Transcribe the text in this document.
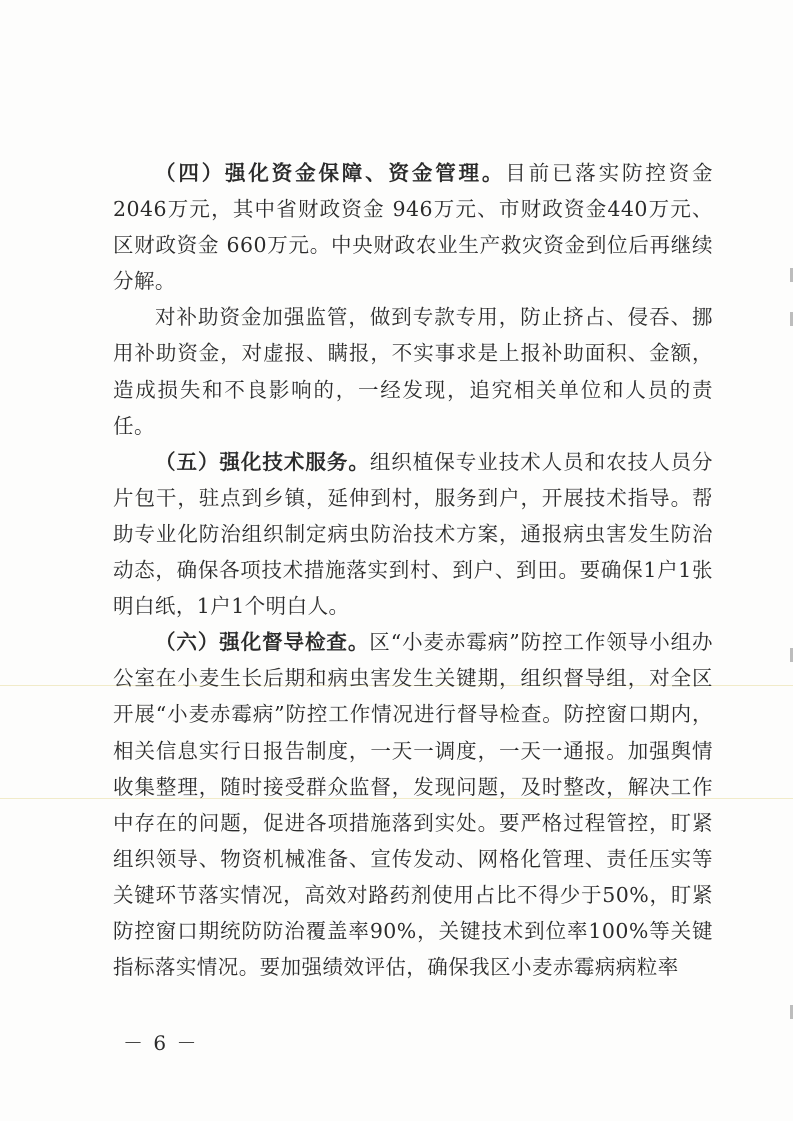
（四）强化资金保障、资金管理。目前已落实防控资金 2046万元，其中省财政资金 946万元、市财政资金440万元、区财政资金 660万元。中央财政农业生产救灾资金到位后再继续分解。

对补助资金加强监管，做到专款专用，防止挤占、侵吞、挪用补助资金，对虚报、瞒报，不实事求是上报补助面积、金额，造成损失和不良影响的，一经发现，追究相关单位和人员的责任。

（五）强化技术服务。组织植保专业技术人员和农技人员分片包干，驻点到乡镇，延伸到村，服务到户，开展技术指导。帮助专业化防治组织制定病虫防治技术方案，通报病虫害发生防治动态，确保各项技术措施落实到村、到户、到田。要确保1户1张明白纸，1户1个明白人。

（六）强化督导检查。区“小麦赤霉病”防控工作领导小组办公室在小麦生长后期和病虫害发生关键期，组织督导组，对全区开展“小麦赤霉病”防控工作情况进行督导检查。防控窗口期内，相关信息实行日报告制度，一天一调度，一天一通报。加强舆情收集整理，随时接受群众监督，发现问题，及时整改，解决工作中存在的问题，促进各项措施落到实处。要严格过程管控，盯紧组织领导、物资机械准备、宣传发动、网格化管理、责任压实等关键环节落实情况，高效对路药剂使用占比不得少于50%，盯紧防控窗口期统防防治覆盖率90%，关键技术到位率100%等关键指标落实情况。要加强绩效评估，确保我区小麦赤霉病病粒率

－ 6 －
